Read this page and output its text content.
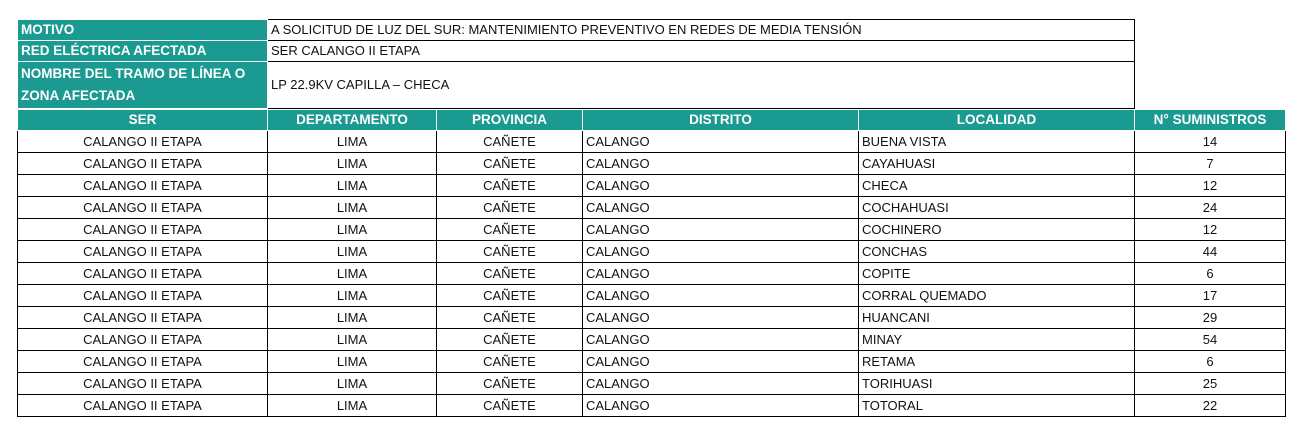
MOTIVO	A SOLICITUD DE LUZ DEL SUR: MANTENIMIENTO PREVENTIVO EN REDES DE MEDIA TENSIÓN
RED ELÉCTRICA AFECTADA	SER CALANGO II ETAPA
NOMBRE DEL TRAMO DE LÍNEA O ZONA AFECTADA	LP 22.9KV CAPILLA – CHECA
SER	DEPARTAMENTO	PROVINCIA	DISTRITO	LOCALIDAD	N° SUMINISTROS
CALANGO II ETAPA	LIMA	CAÑETE	CALANGO	BUENA VISTA	14
CALANGO II ETAPA	LIMA	CAÑETE	CALANGO	CAYAHUASI	7
CALANGO II ETAPA	LIMA	CAÑETE	CALANGO	CHECA	12
CALANGO II ETAPA	LIMA	CAÑETE	CALANGO	COCHAHUASI	24
CALANGO II ETAPA	LIMA	CAÑETE	CALANGO	COCHINERO	12
CALANGO II ETAPA	LIMA	CAÑETE	CALANGO	CONCHAS	44
CALANGO II ETAPA	LIMA	CAÑETE	CALANGO	COPITE	6
CALANGO II ETAPA	LIMA	CAÑETE	CALANGO	CORRAL QUEMADO	17
CALANGO II ETAPA	LIMA	CAÑETE	CALANGO	HUANCANI	29
CALANGO II ETAPA	LIMA	CAÑETE	CALANGO	MINAY	54
CALANGO II ETAPA	LIMA	CAÑETE	CALANGO	RETAMA	6
CALANGO II ETAPA	LIMA	CAÑETE	CALANGO	TORIHUASI	25
CALANGO II ETAPA	LIMA	CAÑETE	CALANGO	TOTORAL	22
